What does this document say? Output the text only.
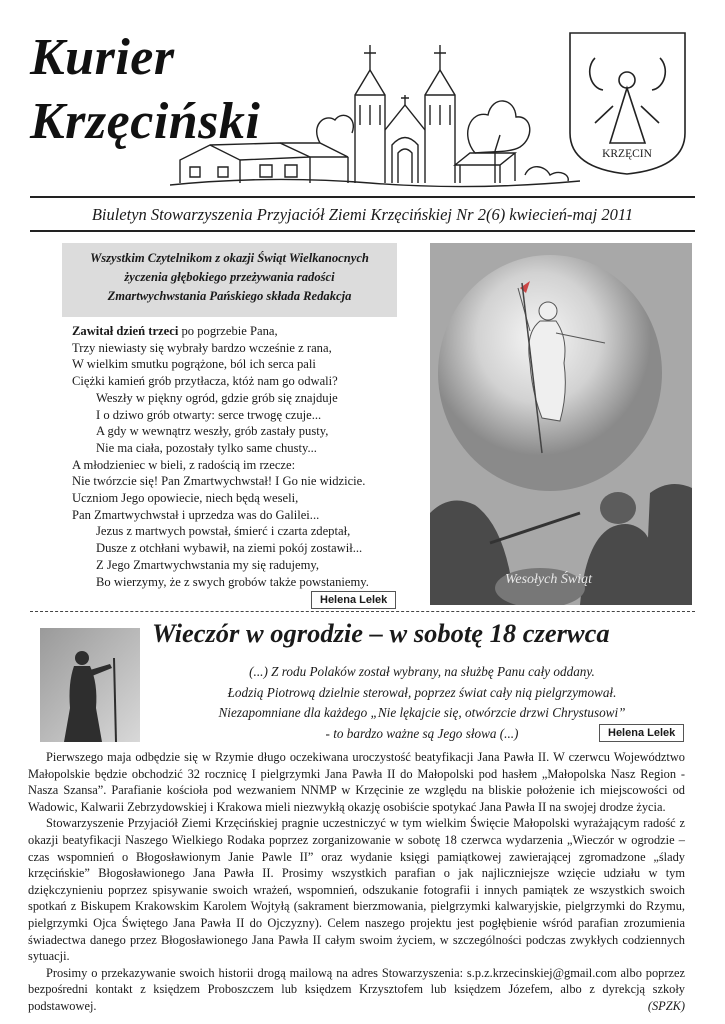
Kurier
Krzęciński
KRZĘCIN
Biuletyn Stowarzyszenia Przyjaciół Ziemi Krzęcińskiej Nr 2(6) kwiecień-maj 2011
Wszystkim Czytelnikom z okazji Świąt Wielkanocnych
życzenia głębokiego przeżywania radości
Zmartwychwstania Pańskiego składa Redakcja
Zawitał dzień trzeci po pogrzebie Pana,
Trzy niewiasty się wybrały bardzo wcześnie z rana,
W wielkim smutku pogrążone, ból ich serca pali
Ciężki kamień grób przytłacza, któż nam go odwali?
Weszły w piękny ogród, gdzie grób się znajduje
I o dziwo grób otwarty: serce trwogę czuje...
A gdy w wewnątrz weszły, grób zastały pusty,
Nie ma ciała, pozostały tylko same chusty...
A młodzieniec w bieli, z radością im rzecze:
Nie twórzcie się! Pan Zmartwychwstał! I Go nie widzicie.
Uczniom Jego opowiecie, niech będą weseli,
Pan Zmartwychwstał i uprzedza was do Galilei...
Jezus z martwych powstał, śmierć i czarta zdeptał,
Dusze z otchłani wybawił, na ziemi pokój zostawił...
Z Jego Zmartwychwstania my się radujemy,
Bo wierzymy, że z swych grobów także powstaniemy.
Helena Lelek
Wesołych Świąt
Wieczór w ogrodzie – w sobotę 18 czerwca
(...) Z rodu Polaków został wybrany, na służbę Panu cały oddany.
Łodzią Piotrową dzielnie sterował, poprzez świat cały nią pielgrzymował.
Niezapomniane dla każdego „Nie lękajcie się, otwórzcie drzwi Chrystusowi”
- to bardzo ważne są Jego słowa (...)	Helena Lelek

Pierwszego maja odbędzie się w Rzymie długo oczekiwana uroczystość beatyfikacji Jana Pawła II. W czerwcu Województwo Małopolskie będzie obchodzić 32 rocznicę I pielgrzymki Jana Pawła II do Małopolski pod hasłem „Małopolska Nasz Region - Nasza Szansa”. Parafianie kościoła pod wezwaniem NNMP w Krzęcinie ze względu na bliskie położenie ich miejscowości od Wadowic, Kalwarii Zebrzydowskiej i Krakowa mieli niezwykłą okazję osobiście spotykać Jana Pawła II na swojej drodze życia.

Stowarzyszenie Przyjaciół Ziemi Krzęcińskiej pragnie uczestniczyć w tym wielkim Święcie Małopolski wyrażającym radość z okazji beatyfikacji Naszego Wielkiego Rodaka poprzez zorganizowanie w sobotę 18 czerwca wydarzenia „Wieczór w ogrodzie – czas wspomnień o Błogosławionym Janie Pawle II” oraz wydanie księgi pamiątkowej zawierającej zgromadzone „ślady krzęcińskie” Błogosławionego Jana Pawła II. Prosimy wszystkich parafian o jak najliczniejsze wzięcie udziału w tym dziękczynieniu poprzez spisywanie swoich wrażeń, wspomnień, odszukanie fotografii i innych pamiątek ze wszystkich swoich spotkań z Biskupem Krakowskim Karolem Wojtyłą (sakrament bierzmowania, pielgrzymki kalwaryjskie, pielgrzymki do Rzymu, pielgrzymki Ojca Świętego Jana Pawła II do Ojczyzny). Celem naszego projektu jest pogłębienie wśród parafian zrozumienia świadectwa danego przez Błogosławionego Jana Pawła II całym swoim życiem, w szczególności podczas zwykłych codziennych sytuacji.

Prosimy o przekazywanie swoich historii drogą mailową na adres Stowarzyszenia: s.p.z.krzecinskiej@gmail.com albo poprzez bezpośredni kontakt z księdzem Proboszczem lub księdzem Krzysztofem lub księdzem Józefem, albo z dyrekcją szkoły podstawowej.	(SPZK)
